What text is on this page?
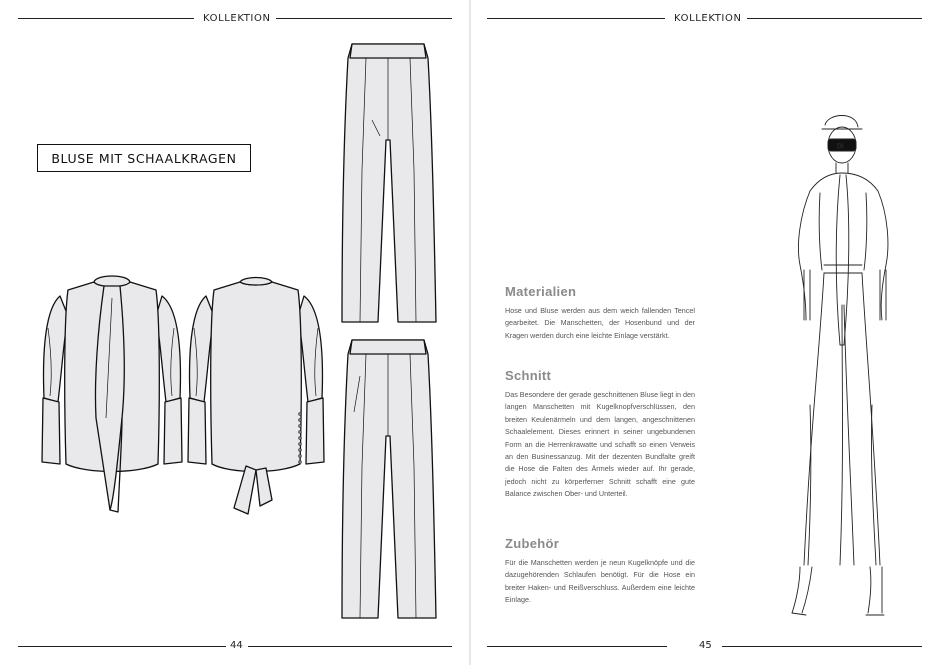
KOLLEKTION
BLUSE MIT SCHAALKRAGEN
44
KOLLEKTION
Materialien

Hose und Bluse werden aus dem weich fallenden Tencel gearbeitet. Die Manschetten, der Hosenbund und der Kragen werden durch eine leichte Einlage verstärkt.

Schnitt

Das Besondere der gerade geschnittenen Bluse liegt in den langen Manschetten mit Kugelknopfverschlüssen, den breiten Keulenärmeln und dem langen, angeschnittenen Schaalelement. Dieses erinnert in seiner ungebundenen Form an die Herrenkrawatte und schafft so einen Verweis an den Businessanzug. Mit der dezenten Bundfalte greift die Hose die Falten des Ärmels wieder auf. Ihr gerade, jedoch nicht zu körperferner Schnitt schafft eine gute Balance zwischen Ober- und Unterteil.

Zubehör

Für die Manschetten werden je neun Kugelknöpfe und die dazugehörenden Schlaufen benötigt. Für die Hose ein breiter Haken- und Reißverschluss. Außerdem eine leichte Einlage.

DI
45
